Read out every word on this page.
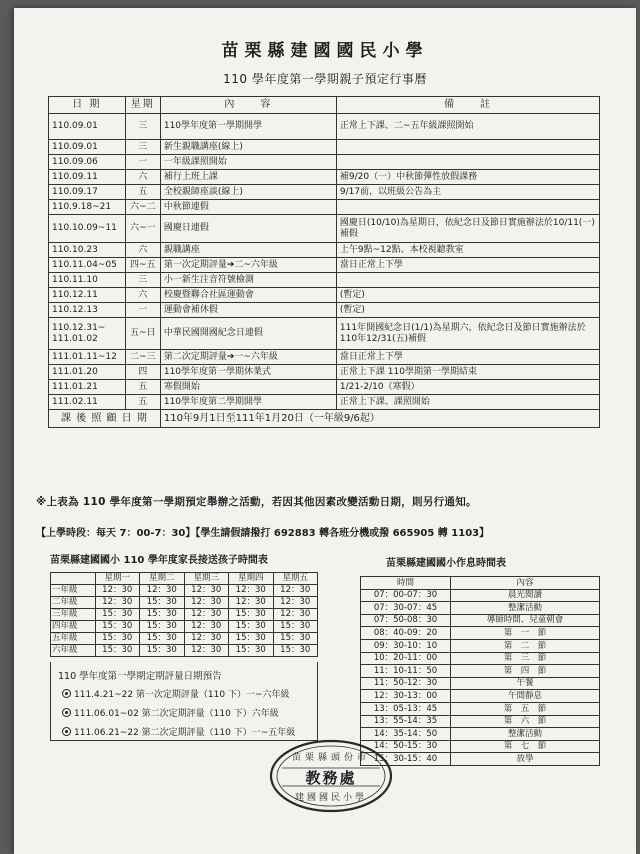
苗栗縣建國國民小學
110 學年度第一學期親子預定行事曆
日 期	星期	內　　容	備　　註
110.09.01	三	110學年度第一學期開學	正常上下課、二~五年級課照開始
110.09.01	三	新生親職講座(線上)	
110.09.06	一	一年級課照開始	
110.09.11	六	補行上班上課	補9/20（一）中秋節彈性放假課務
110.09.17	五	全校親師座談(線上)	9/17前，以班級公告為主
110.9.18~21	六~二	中秋節連假	
110.10.09~11	六~一	國慶日連假	國慶日(10/10)為星期日，依紀念日及節日實施辦法於10/11(一)補假
110.10.23	六	親職講座	上午9點~12點、本校視聽教室
110.11.04~05	四~五	第一次定期評量➔二~六年級	當日正常上下學
110.11.10	三	小一新生注音符號檢測	
110.12.11	六	校慶暨聯合社區運動會	(暫定)
110.12.13	一	運動會補休假	(暫定)
110.12.31~ 111.01.02	五~日	中華民國開國紀念日連假	111年開國紀念日(1/1)為星期六，依紀念日及節日實施辦法於110年12/31(五)補假
111.01.11~12	二~三	第二次定期評量➔一~六年級	當日正常上下學
111.01.20	四	110學年度第一學期休業式	正常上下課 110學期第一學期結束
111.01.21	五	寒假開始	1/21-2/10（寒假）
111.02.11	五	110學年度第二學期開學	正常上下課、課照開始
課 後 照 顧 日 期		110年9月1日至111年1月20日（一年級9/6起）	
※上表為 110 學年度第一學期預定舉辦之活動，若因其他因素改變活動日期，則另行通知。
【上學時段：每天 7：00-7：30】【學生請假請撥打 692883 轉各班分機或撥 665905 轉 1103】
苗栗縣建國國小 110 學年度家長接送孩子時間表
	星期一	星期二	星期三	星期四	星期五
一年級	12：30	12：30	12：30	12：30	12：30
二年級	12：30	15：30	12：30	12：30	12：30
三年級	15：30	15：30	12：30	15：30	12：30
四年級	15：30	15：30	12：30	15：30	15：30
五年級	15：30	15：30	12：30	15：30	15：30
六年級	15：30	15：30	12：30	15：30	15：30
110 學年度第一學期定期評量日期預告
111.4.21~22 第一次定期評量（110 下）一~六年級
111.06.01~02 第二次定期評量（110 下）六年級
111.06.21~22 第二次定期評量（110 下）一~五年級
苗栗縣建國國小作息時間表
時間	內容
07：00-07：30	晨光閱讀
07：30-07：45	整潔活動
07：50-08：30	導師時間、兒童朝會
08：40-09：20	第　一　節
09：30-10：10	第　二　節
10：20-11：00	第　三　節
11：10-11：50	第　四　節
11：50-12：30	午餐
12：30-13：00	午間靜息
13：05-13：45	第　五　節
13：55-14：35	第　六　節
14：35-14：50	整潔活動
14：50-15：30	第　七　節
15：30-15：40	放學
苗栗縣頭份市
教務處
建國國民小學
